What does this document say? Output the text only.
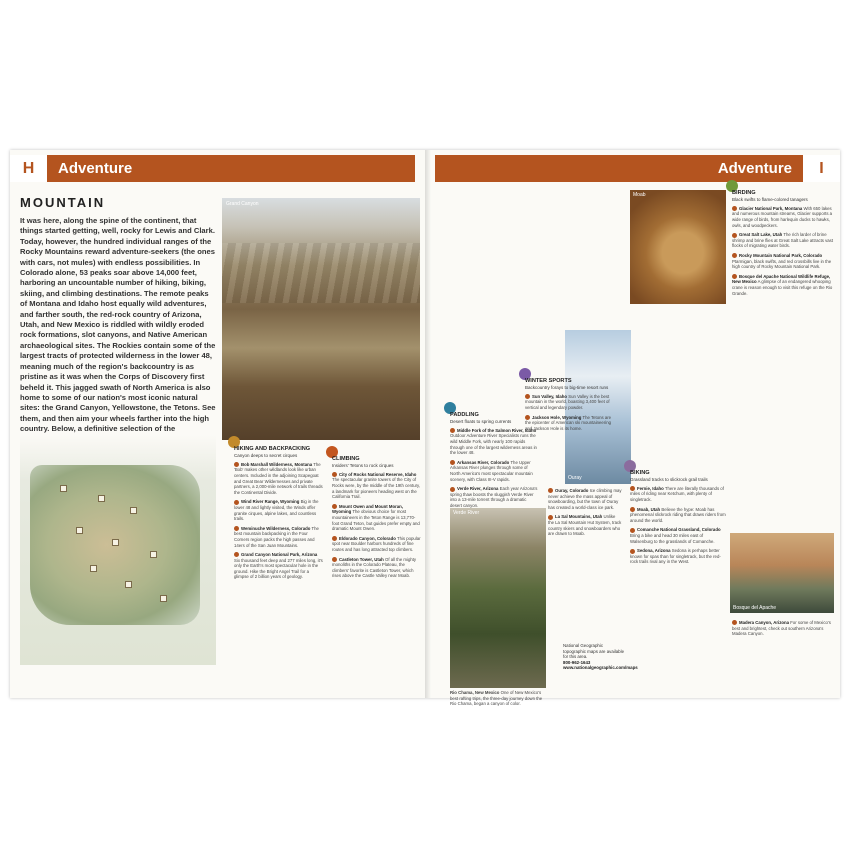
H	Adventure	Adventure	I
MOUNTAIN
It was here, along the spine of the continent, that things started getting, well, rocky for Lewis and Clark. Today, however, the hundred individual ranges of the Rocky Mountains reward adventure-seekers (the ones with cars, not mules) with endless possibilities. In Colorado alone, 53 peaks soar above 14,000 feet, harboring an uncountable number of hiking, biking, skiing, and climbing destinations. The remote peaks of Montana and Idaho host equally wild adventures, and farther south, the red-rock country of Arizona, Utah, and New Mexico is riddled with wildly eroded rock formations, slot canyons, and Native American archaeological sites. The Rockies contain some of the largest tracts of protected wilderness in the lower 48, meaning much of the region's backcountry is as pristine as it was when the Corps of Discovery first beheld it. This jagged swath of North America is also home to some of our nation's most iconic natural sites: the Grand Canyon, Yellowstone, the Tetons. See them, and then aim your wheels farther into the high country. Below, a definitive selection of the
Grand Canyon
Moab
Ouray
Verde River
Bosque del Apache
HIKING AND BACKPACKING
Canyon deeps to secret cirques
Bob Marshall Wilderness, Montana The 'Bob' makes other wildlands look like urban centers. Included in the adjoining Scapegoat and Great Bear Wildernesses and private partners, a 2,000-mile network of trails threads the Continental Divide.
Wind River Range, Wyoming Big in the lower 48 and lightly visited, the Winds offer granite cirques, alpine lakes, and countless trails.
Weminuche Wilderness, Colorado The best mountain backpacking in the Four Corners region packs the high passes and 14ers of the San Juan Mountains.
Grand Canyon National Park, Arizona Six thousand feet deep and 277 miles long, it's only the Earth's most spectacular hole in the ground. Hike the Bright Angel Trail for a glimpse of 2 billion years of geology.
CLIMBING
Insiders' Tetons to rock cirques
City of Rocks National Reserve, Idaho The spectacular granite towers of the City of Rocks were, by the middle of the 19th century, a landmark for pioneers heading west on the California Trail.
Mount Owen and Mount Moran, Wyoming The obvious choice for most mountaineers in the Teton Range is 13,770-foot Grand Teton, but guides prefer empty and dramatic Mount Owen.
Eldorado Canyon, Colorado This popular spot near Boulder harbors hundreds of fine routes and has long attracted top climbers.
Castleton Tower, Utah Of all the mighty monoliths in the Colorado Plateau, the climbers' favorite is Castleton Tower, which rises above the Castle Valley near Moab.
PADDLING
Desert floats to spring currents
Middle Fork of the Salmon River, Idaho Outdoor Adventure River Specialists runs the wild Middle Fork, with nearly 100 rapids through one of the largest wilderness areas in the lower 48.
Arkansas River, Colorado The Upper Arkansas River plunges through some of North America's most spectacular mountain scenery, with Class III-V rapids.
Verde River, Arizona Each year Arizona's spring thaw boosts the sluggish Verde River into a 13-mile torrent through a dramatic desert canyon.
WINTER SPORTS
Backcountry forays to big-time resort runs
Sun Valley, Idaho Sun Valley is the best mountain in the world, boasting 3,400 feet of vertical and legendary powder.
Jackson Hole, Wyoming The Tetons are the epicenter of American ski mountaineering and Jackson Hole is its home.
Ouray, Colorado Ice climbing may never achieve the mass appeal of snowboarding, but the town of Ouray has created a world-class ice park.
La Sal Mountains, Utah Unlike the La Sal Mountain Hut System, track country skiers and snowboarders who are drawn to Moab.
BIKING
Grassland tracks to slickrock grail trails
Fernie, Idaho There are literally thousands of miles of riding near Ketchum, with plenty of singletrack.
Moab, Utah Believe the hype: Moab has phenomenal slickrock riding that draws riders from around the world.
Comanche National Grassland, Colorado Bring a bike and head 30 miles east of Walsenburg to the grasslands of Comanche.
Sedona, Arizona Sedona is perhaps better known for spas than for singletrack, but the red-rock trails rival any in the West.
BIRDING
Black swifts to flame-colored tanagers
Glacier National Park, Montana With 650 lakes and numerous mountain streams, Glacier supports a wide range of birds, from harlequin ducks to hawks, owls, and woodpeckers.
Great Salt Lake, Utah The rich larder of brine shrimp and brine flies at Great Salt Lake attracts vast flocks of migrating water birds.
Rocky Mountain National Park, Colorado Ptarmigan, black swifts, and red crossbills live in the high country of Rocky Mountain National Park.
Bosque del Apache National Wildlife Refuge, New Mexico A glimpse of an endangered whooping crane is reason enough to visit this refuge on the Rio Grande.
Madera Canyon, Arizona For some of Mexico's best and brightest, check out southern Arizona's Madera Canyon.
National Geographic topographic maps are available for this area.
800-962-1643
www.nationalgeographic.com/maps
Rio Chama, New Mexico One of New Mexico's best rafting trips, the three-day journey down the Rio Chama, began a canyon of color.
